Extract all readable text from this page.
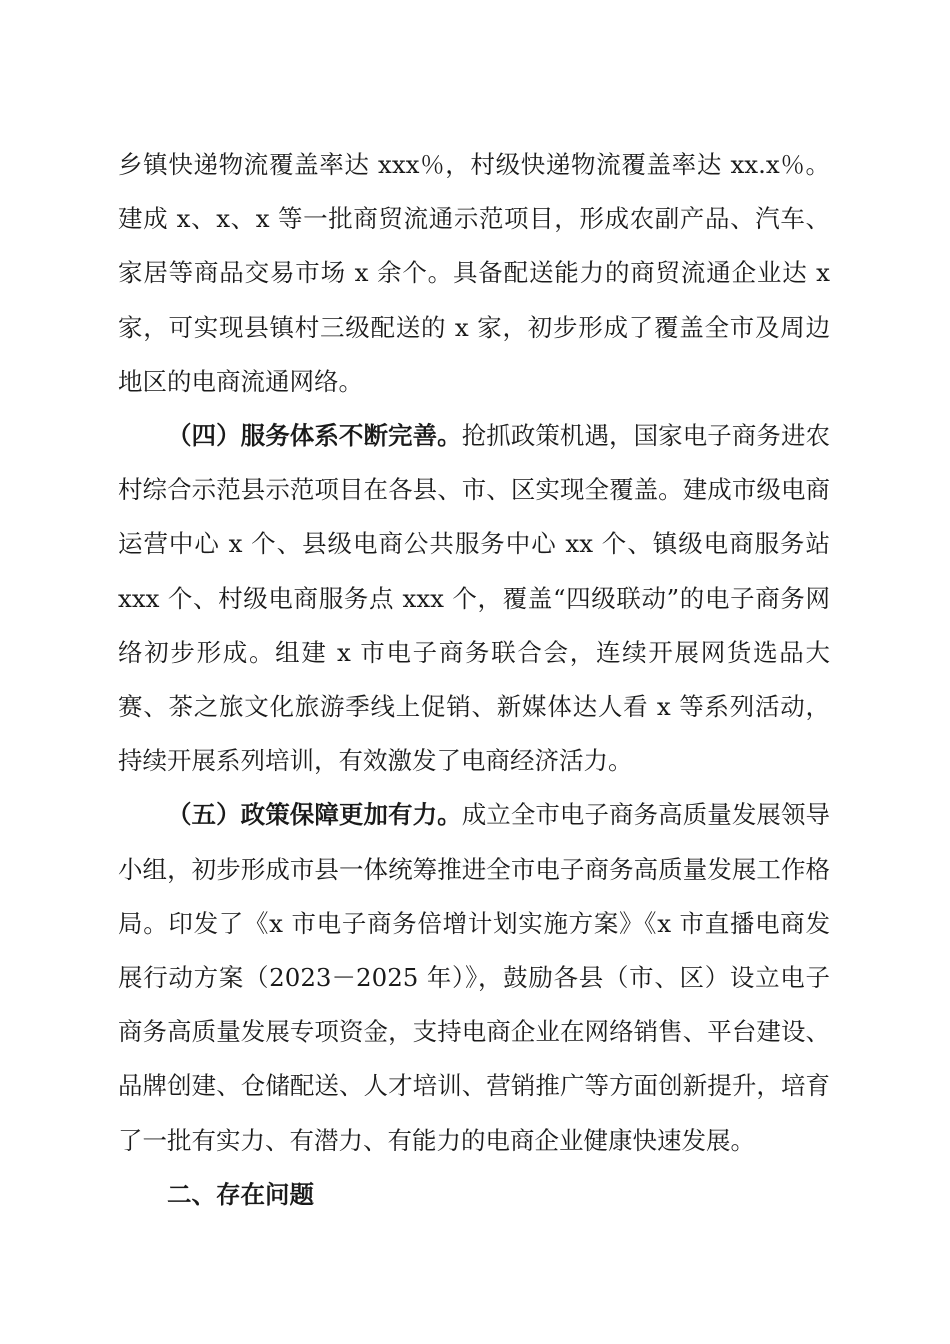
乡镇快递物流覆盖率达 xxx％，村级快递物流覆盖率达 xx.x％。建成 x、x、x 等一批商贸流通示范项目，形成农副产品、汽车、家居等商品交易市场 x 余个。具备配送能力的商贸流通企业达 x 家，可实现县镇村三级配送的 x 家，初步形成了覆盖全市及周边地区的电商流通网络。

（四）服务体系不断完善。抢抓政策机遇，国家电子商务进农村综合示范县示范项目在各县、市、区实现全覆盖。建成市级电商运营中心 x 个、县级电商公共服务中心 xx 个、镇级电商服务站 xxx 个、村级电商服务点 xxx 个，覆盖“四级联动”的电子商务网络初步形成。组建 x 市电子商务联合会，连续开展网货选品大赛、茶之旅文化旅游季线上促销、新媒体达人看 x 等系列活动，持续开展系列培训，有效激发了电商经济活力。

（五）政策保障更加有力。成立全市电子商务高质量发展领导小组，初步形成市县一体统筹推进全市电子商务高质量发展工作格局。印发了《x 市电子商务倍增计划实施方案》《x 市直播电商发展行动方案（2023－2025 年）》，鼓励各县（市、区）设立电子商务高质量发展专项资金，支持电商企业在网络销售、平台建设、品牌创建、仓储配送、人才培训、营销推广等方面创新提升，培育了一批有实力、有潜力、有能力的电商企业健康快速发展。

二、存在问题
